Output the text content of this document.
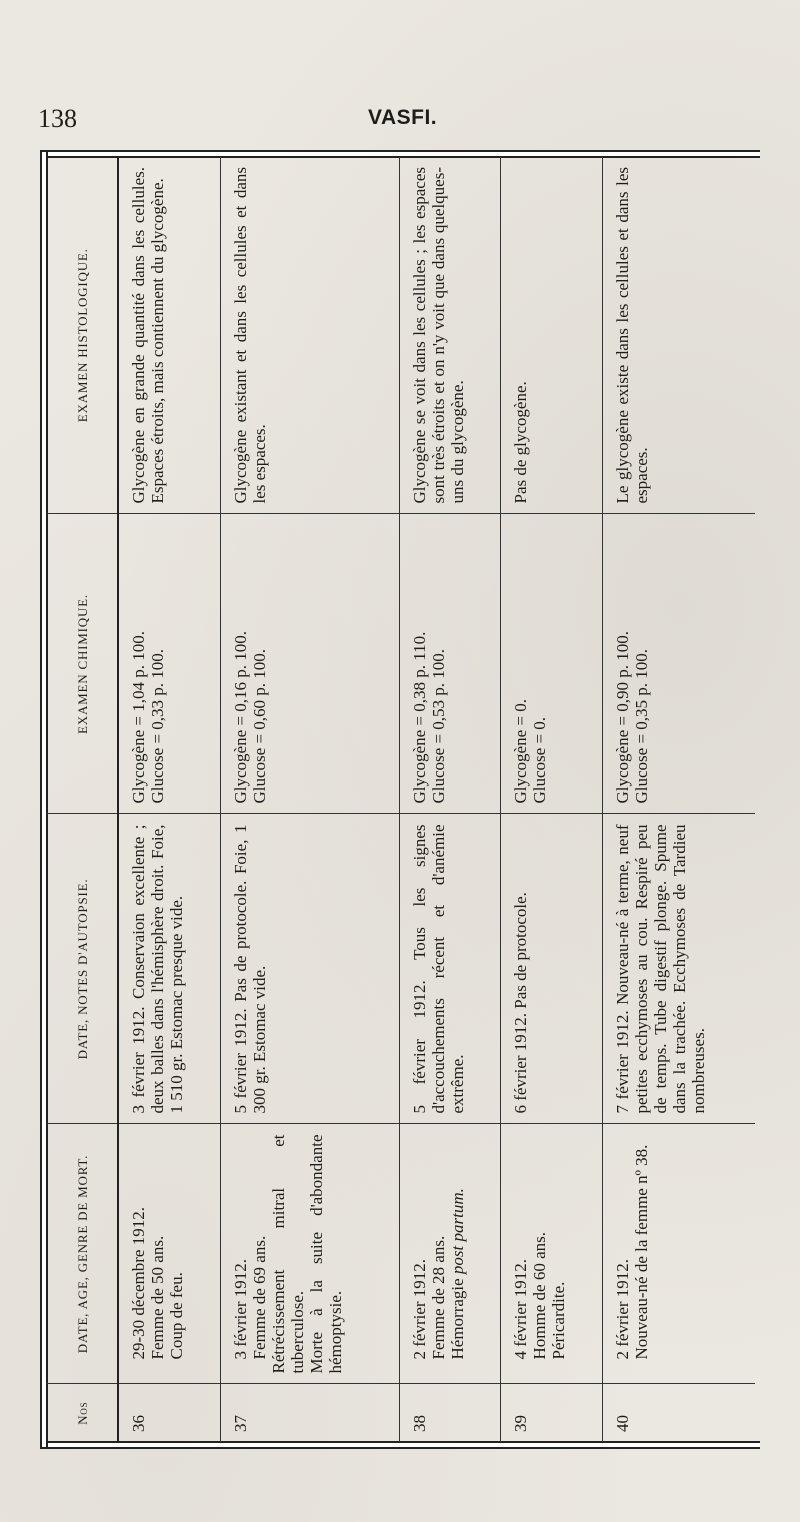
138	VASFI.
Nos	DATE, AGE, GENRE DE MORT.	DATE, NOTES D'AUTOPSIE.	EXAMEN CHIMIQUE.	EXAMEN HISTOLOGIQUE.
36	29-30 décembre 1912. Femme de 50 ans. Coup de feu.	3 février 1912. Conservaion excellente ; deux balles dans l'hémisphère droit. Foie, 1 510 gr. Estomac presque vide.	Glycogène = 1,04 p. 100. Glucose = 0,33 p. 100.	Glycogène en grande quantité dans les cellules. Espaces étroits, mais contiennent du glycogène.
37	3 février 1912. Femme de 69 ans. Rétrécissement mitral et tuberculose. Morte à la suite d'abondante hémoptysie.	5 février 1912. Pas de protocole. Foie, 1 300 gr. Estomac vide.	Glycogène = 0,16 p. 100. Glucose = 0,60 p. 100.	Glycogène existant et dans les cellules et dans les espaces.
38	2 février 1912. Femme de 28 ans. Hémorragie post partum.	5 février 1912. Tous les signes d'accouchements récent et d'anémie extrême.	Glycogène = 0,38 p. 110. Glucose = 0,53 p. 100.	Glycogène se voit dans les cellules ; les espaces sont très étroits et on n'y voit que dans quelques-uns du glycogène.
39	4 février 1912. Homme de 60 ans. Péricardite.	6 février 1912. Pas de protocole.	Glycogène = 0. Glucose = 0.	Pas de glycogène.
40	2 février 1912. Nouveau-né de la femme nº 38.	7 février 1912. Nouveau-né à terme, neuf petites ecchymoses au cou. Respiré peu de temps. Tube digestif plonge. Spume dans la trachée. Ecchymoses de Tardieu nombreuses.	Glycogène = 0,90 p. 100. Glucose = 0,35 p. 100.	Le glycogène existe dans les cellules et dans les espaces.
